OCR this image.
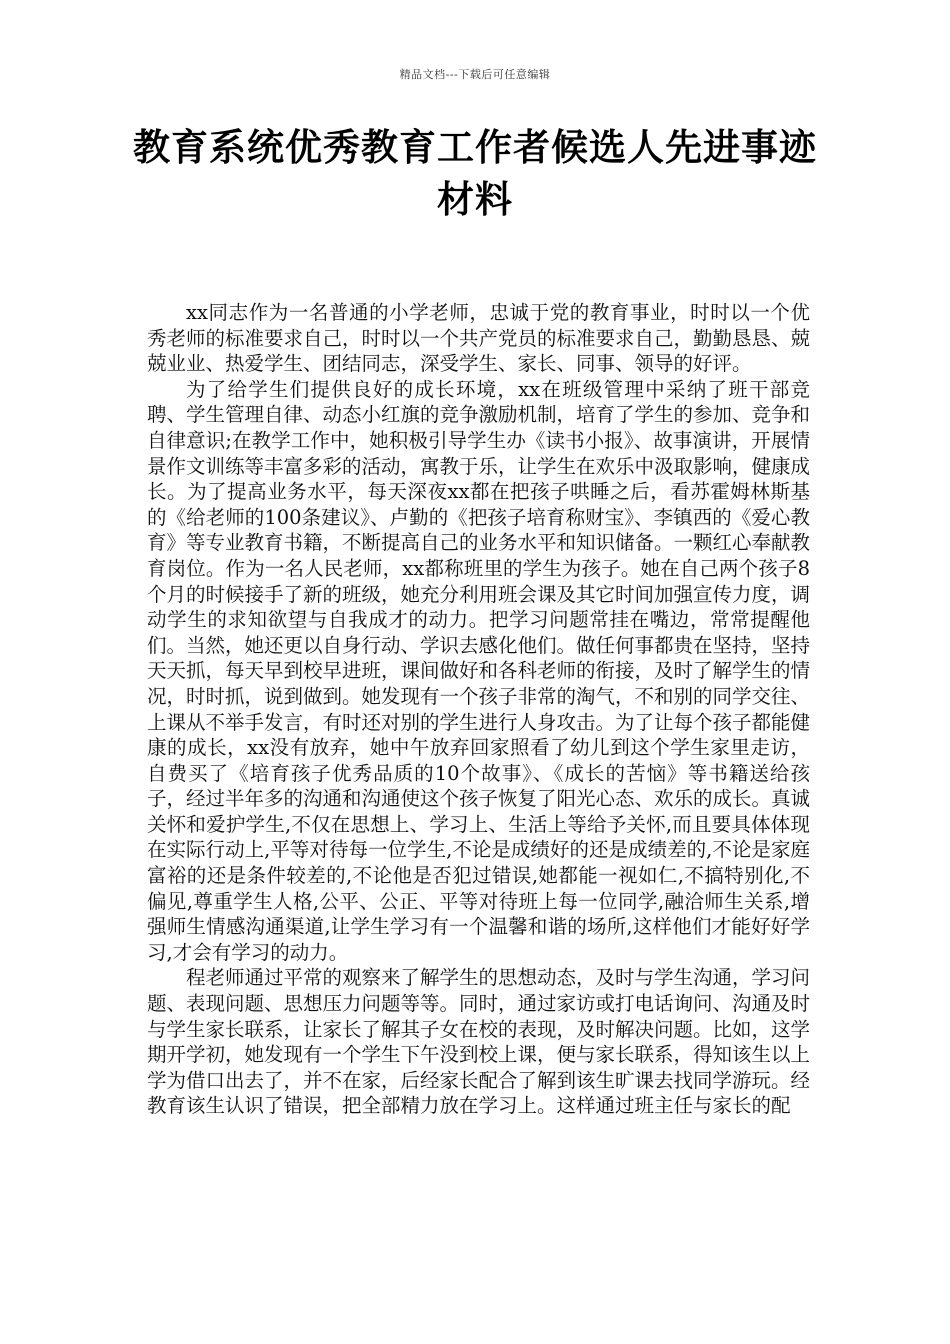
精品文档---下载后可任意编辑
教育系统优秀教育工作者候选人先进事迹材料

xx同志作为一名普通的小学老师，忠诚于党的教育事业，时时以一个优秀老师的标准要求自己，时时以一个共产党员的标准要求自己，勤勤恳恳、兢兢业业、热爱学生、团结同志，深受学生、家长、同事、领导的好评。

为了给学生们提供良好的成长环境，xx在班级管理中采纳了班干部竞聘、学生管理自律、动态小红旗的竞争激励机制，培育了学生的参加、竞争和自律意识;在教学工作中，她积极引导学生办《读书小报》、故事演讲，开展情景作文训练等丰富多彩的活动，寓教于乐，让学生在欢乐中汲取影响，健康成长。为了提高业务水平，每天深夜xx都在把孩子哄睡之后，看苏霍姆林斯基的《给老师的100条建议》、卢勤的《把孩子培育称财宝》、李镇西的《爱心教育》等专业教育书籍，不断提高自己的业务水平和知识储备。一颗红心奉献教育岗位。作为一名人民老师，xx都称班里的学生为孩子。她在自己两个孩子8个月的时候接手了新的班级，她充分利用班会课及其它时间加强宣传力度，调动学生的求知欲望与自我成才的动力。把学习问题常挂在嘴边，常常提醒他们。当然，她还更以自身行动、学识去感化他们。做任何事都贵在坚持，坚持天天抓，每天早到校早进班，课间做好和各科老师的衔接，及时了解学生的情况，时时抓，说到做到。她发现有一个孩子非常的淘气，不和别的同学交往、上课从不举手发言，有时还对别的学生进行人身攻击。为了让每个孩子都能健康的成长，xx没有放弃，她中午放弃回家照看了幼儿到这个学生家里走访，自费买了《培育孩子优秀品质的10个故事》、《成长的苦恼》等书籍送给孩子，经过半年多的沟通和沟通使这个孩子恢复了阳光心态、欢乐的成长。真诚关怀和爱护学生,不仅在思想上、学习上、生活上等给予关怀,而且要具体体现在实际行动上,平等对待每一位学生,不论是成绩好的还是成绩差的,不论是家庭富裕的还是条件较差的,不论他是否犯过错误,她都能一视如仁,不搞特别化,不偏见,尊重学生人格,公平、公正、平等对待班上每一位同学,融洽师生关系,增强师生情感沟通渠道,让学生学习有一个温馨和谐的场所,这样他们才能好好学习,才会有学习的动力。

程老师通过平常的观察来了解学生的思想动态，及时与学生沟通，学习问题、表现问题、思想压力问题等等。同时，通过家访或打电话询问、沟通及时与学生家长联系，让家长了解其子女在校的表现，及时解决问题。比如，这学期开学初，她发现有一个学生下午没到校上课，便与家长联系，得知该生以上学为借口出去了，并不在家，后经家长配合了解到该生旷课去找同学游玩。经教育该生认识了错误，把全部精力放在学习上。这样通过班主任与家长的配
